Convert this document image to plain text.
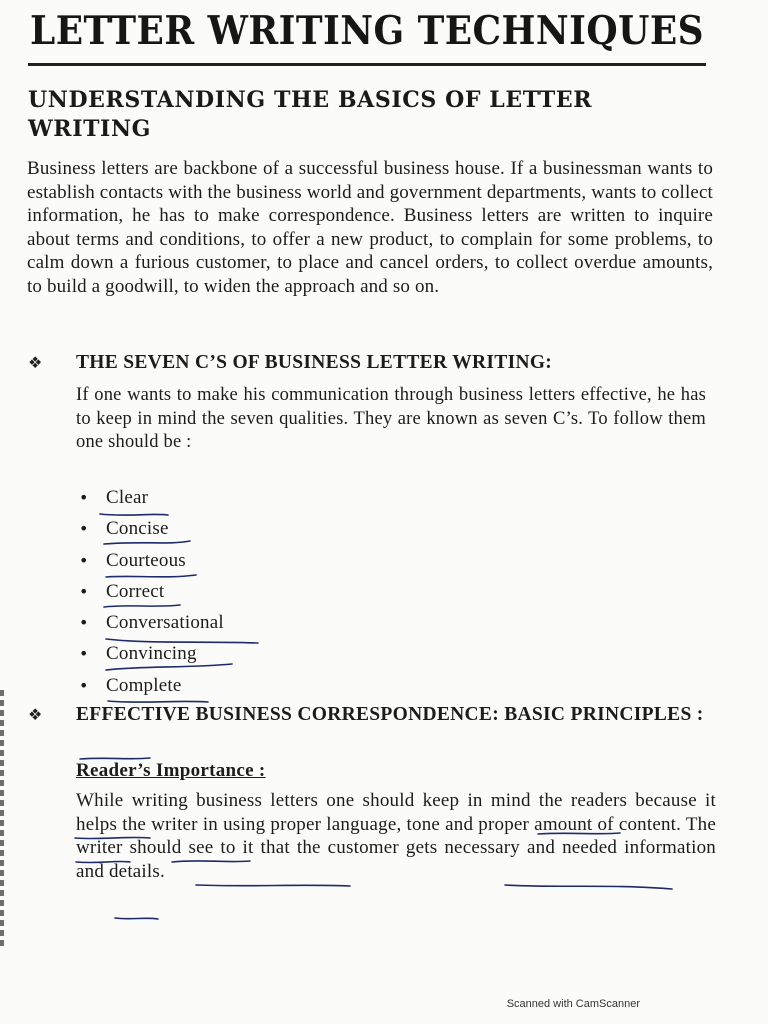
LETTER WRITING TECHNIQUES
UNDERSTANDING THE BASICS OF LETTER WRITING
Business letters are backbone of a successful business house. If a businessman wants to establish contacts with the business world and government departments, wants to collect information, he has to make correspondence. Business letters are written to inquire about terms and conditions, to offer a new product, to complain for some problems, to calm down a furious customer, to place and cancel orders, to collect overdue amounts, to build a goodwill, to widen the approach and so on.
❖ THE SEVEN C’S OF BUSINESS LETTER WRITING:
If one wants to make his communication through business letters effective, he has to keep in mind the seven qualities. They are known as seven C’s. To follow them one should be :
• Clear
• Concise
• Courteous
• Correct
• Conversational
• Convincing
• Complete
❖ EFFECTIVE BUSINESS CORRESPONDENCE: BASIC PRINCIPLES :
Reader’s Importance :
While writing business letters one should keep in mind the readers because it helps the writer in using proper language, tone and proper amount of content. The writer should see to it that the customer gets necessary and needed information and details.
Scanned with CamScanner
